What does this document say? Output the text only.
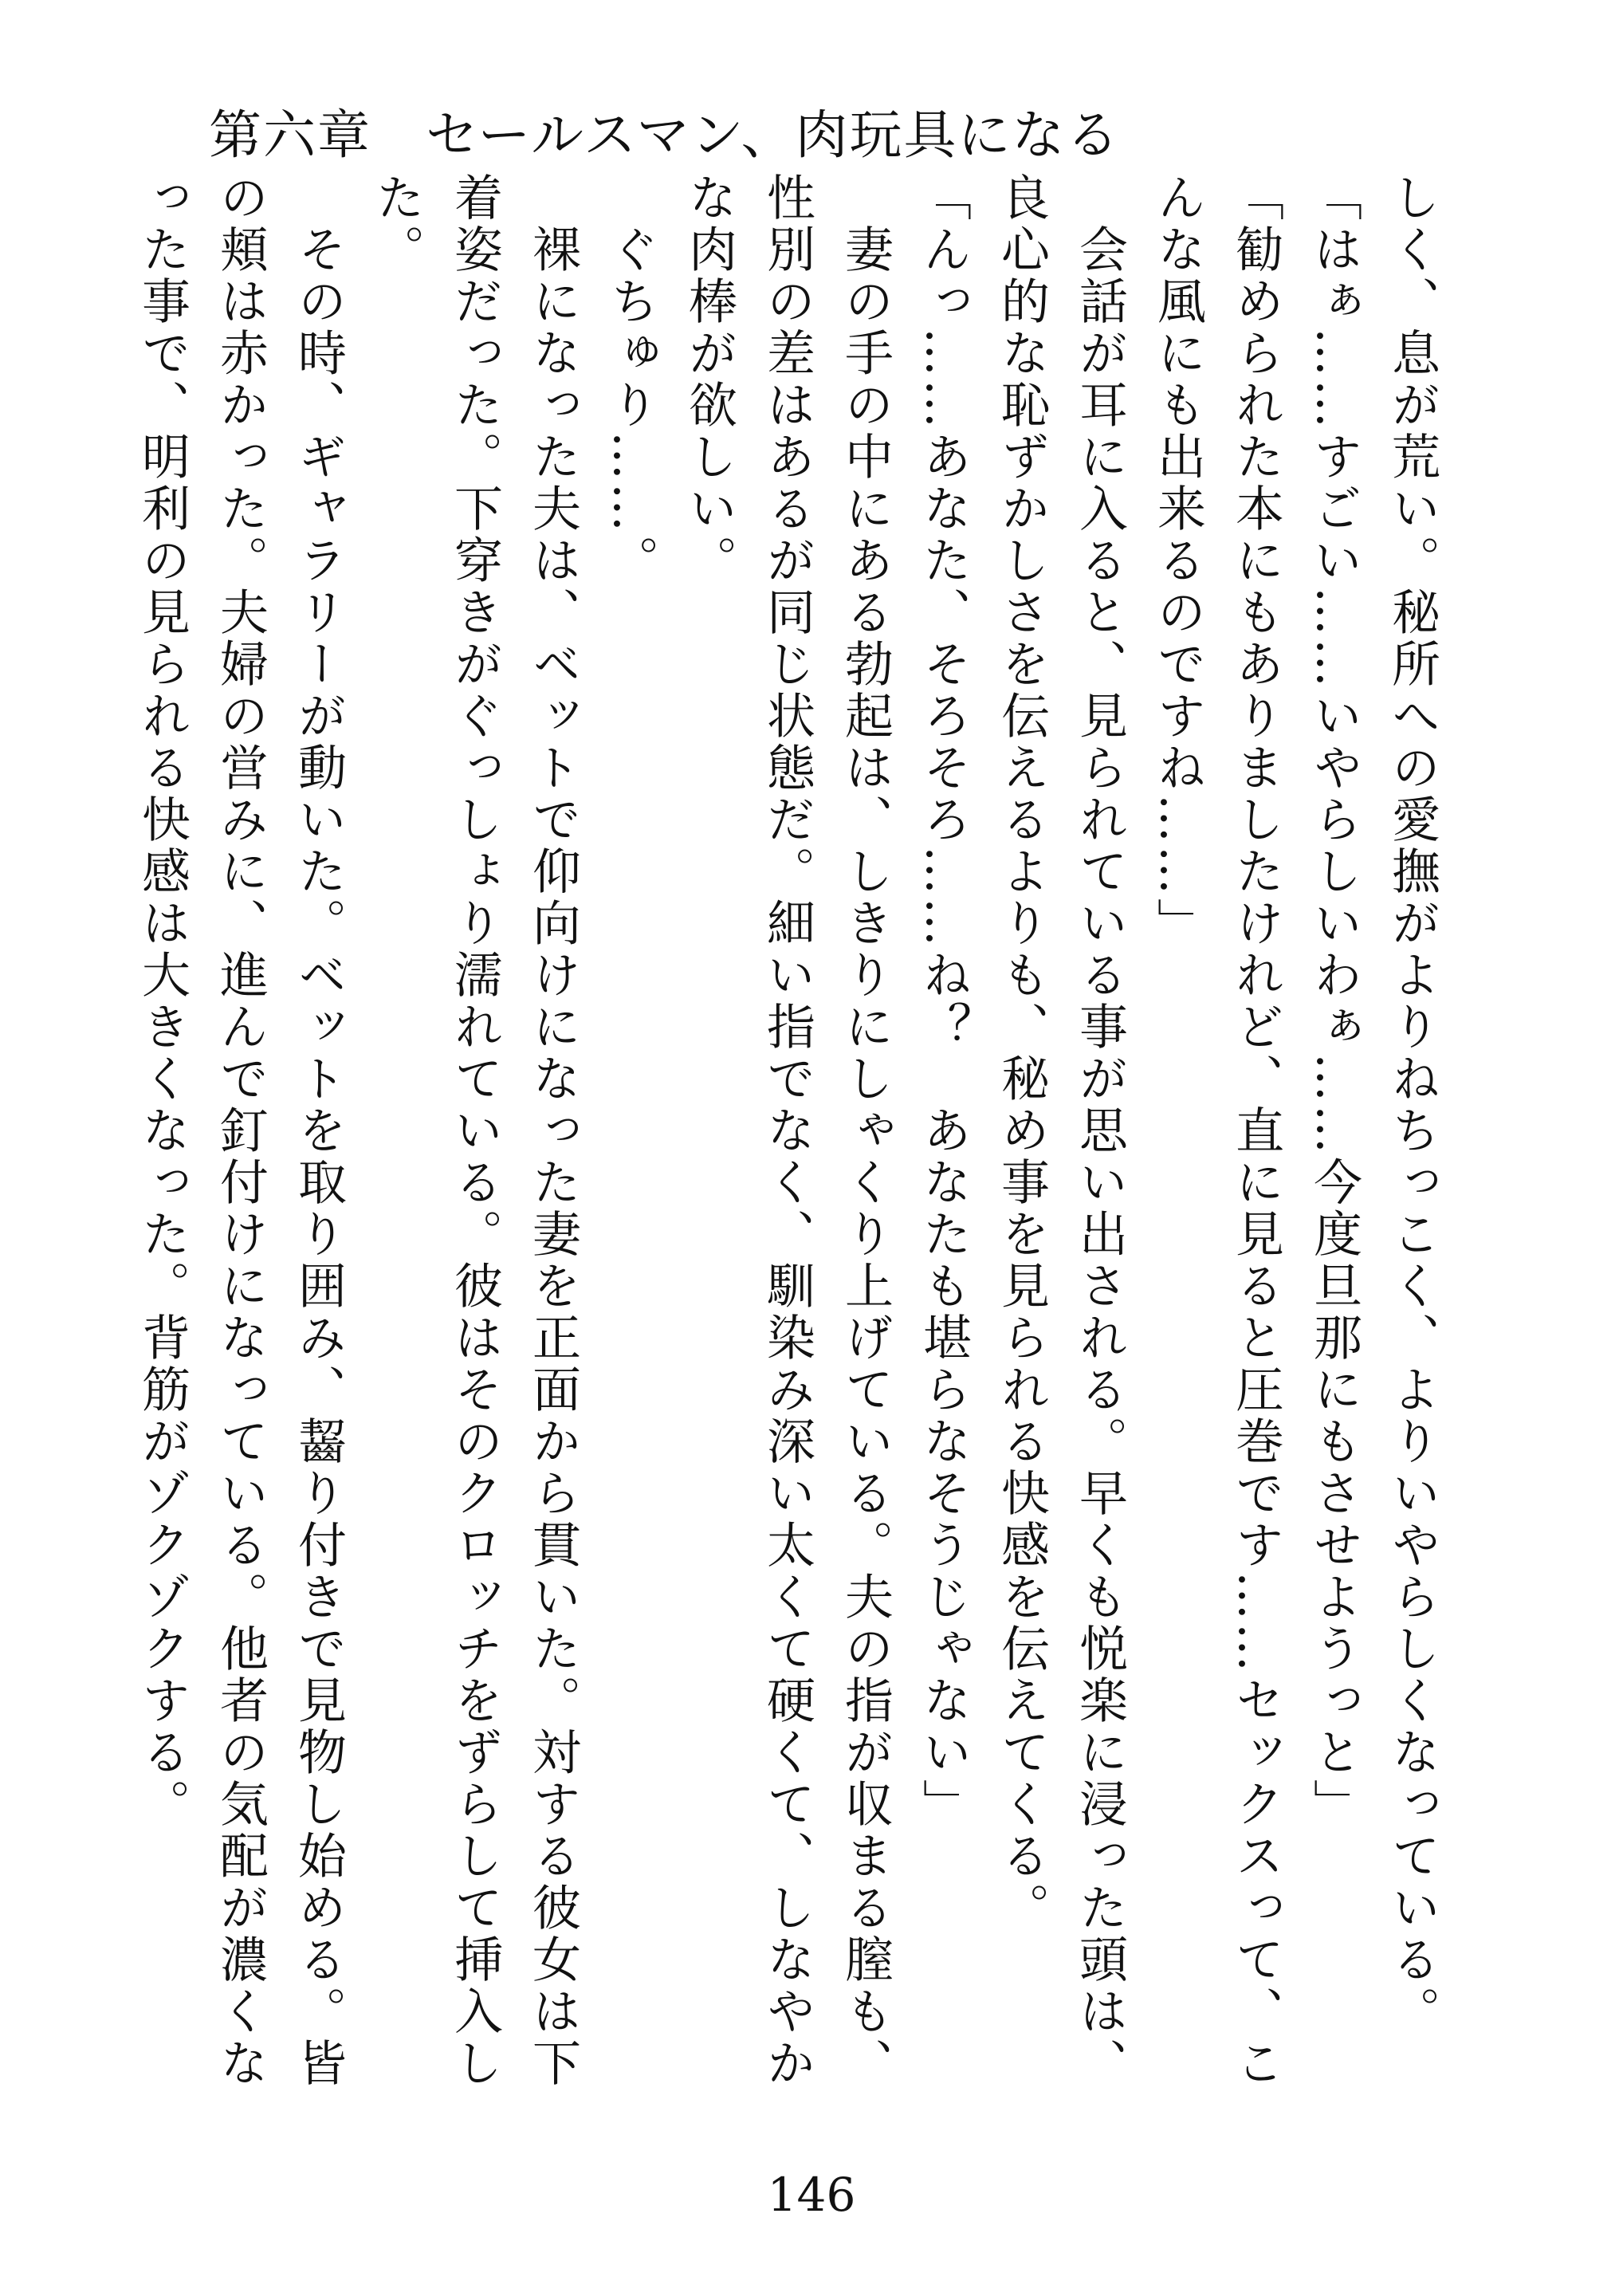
第六章　セールスマン、肉玩具になる

しく、息が荒い。秘所への愛撫がよりねちっこく、よりいやらしくなっている。

「はぁ……すごい……いやらしいわぁ……今度旦那にもさせようっと」

「勧められた本にもありましたけれど、直に見ると圧巻です……セックスって、こんな風にも出来るのですね……」

　会話が耳に入ると、見られている事が思い出される。早くも悦楽に浸った頭は、良心的な恥ずかしさを伝えるよりも、秘め事を見られる快感を伝えてくる。

「んっ……あなた、そろそろ……ね？　あなたも堪らなそうじゃない」

　妻の手の中にある勃起は、しきりにしゃくり上げている。夫の指が収まる膣も、性別の差はあるが同じ状態だ。細い指でなく、馴染み深い太くて硬くて、しなやかな肉棒が欲しい。

　ぐちゅり……。

　裸になった夫は、ベットで仰向けになった妻を正面から貫いた。対する彼女は下着姿だった。下穿きがぐっしょり濡れている。彼はそのクロッチをずらして挿入した。

　その時、ギャラリーが動いた。ベットを取り囲み、齧り付きで見物し始める。皆の頬は赤かった。夫婦の営みに、進んで釘付けになっている。他者の気配が濃くなった事で、明利の見られる快感は大きくなった。背筋がゾクゾクする。

146
